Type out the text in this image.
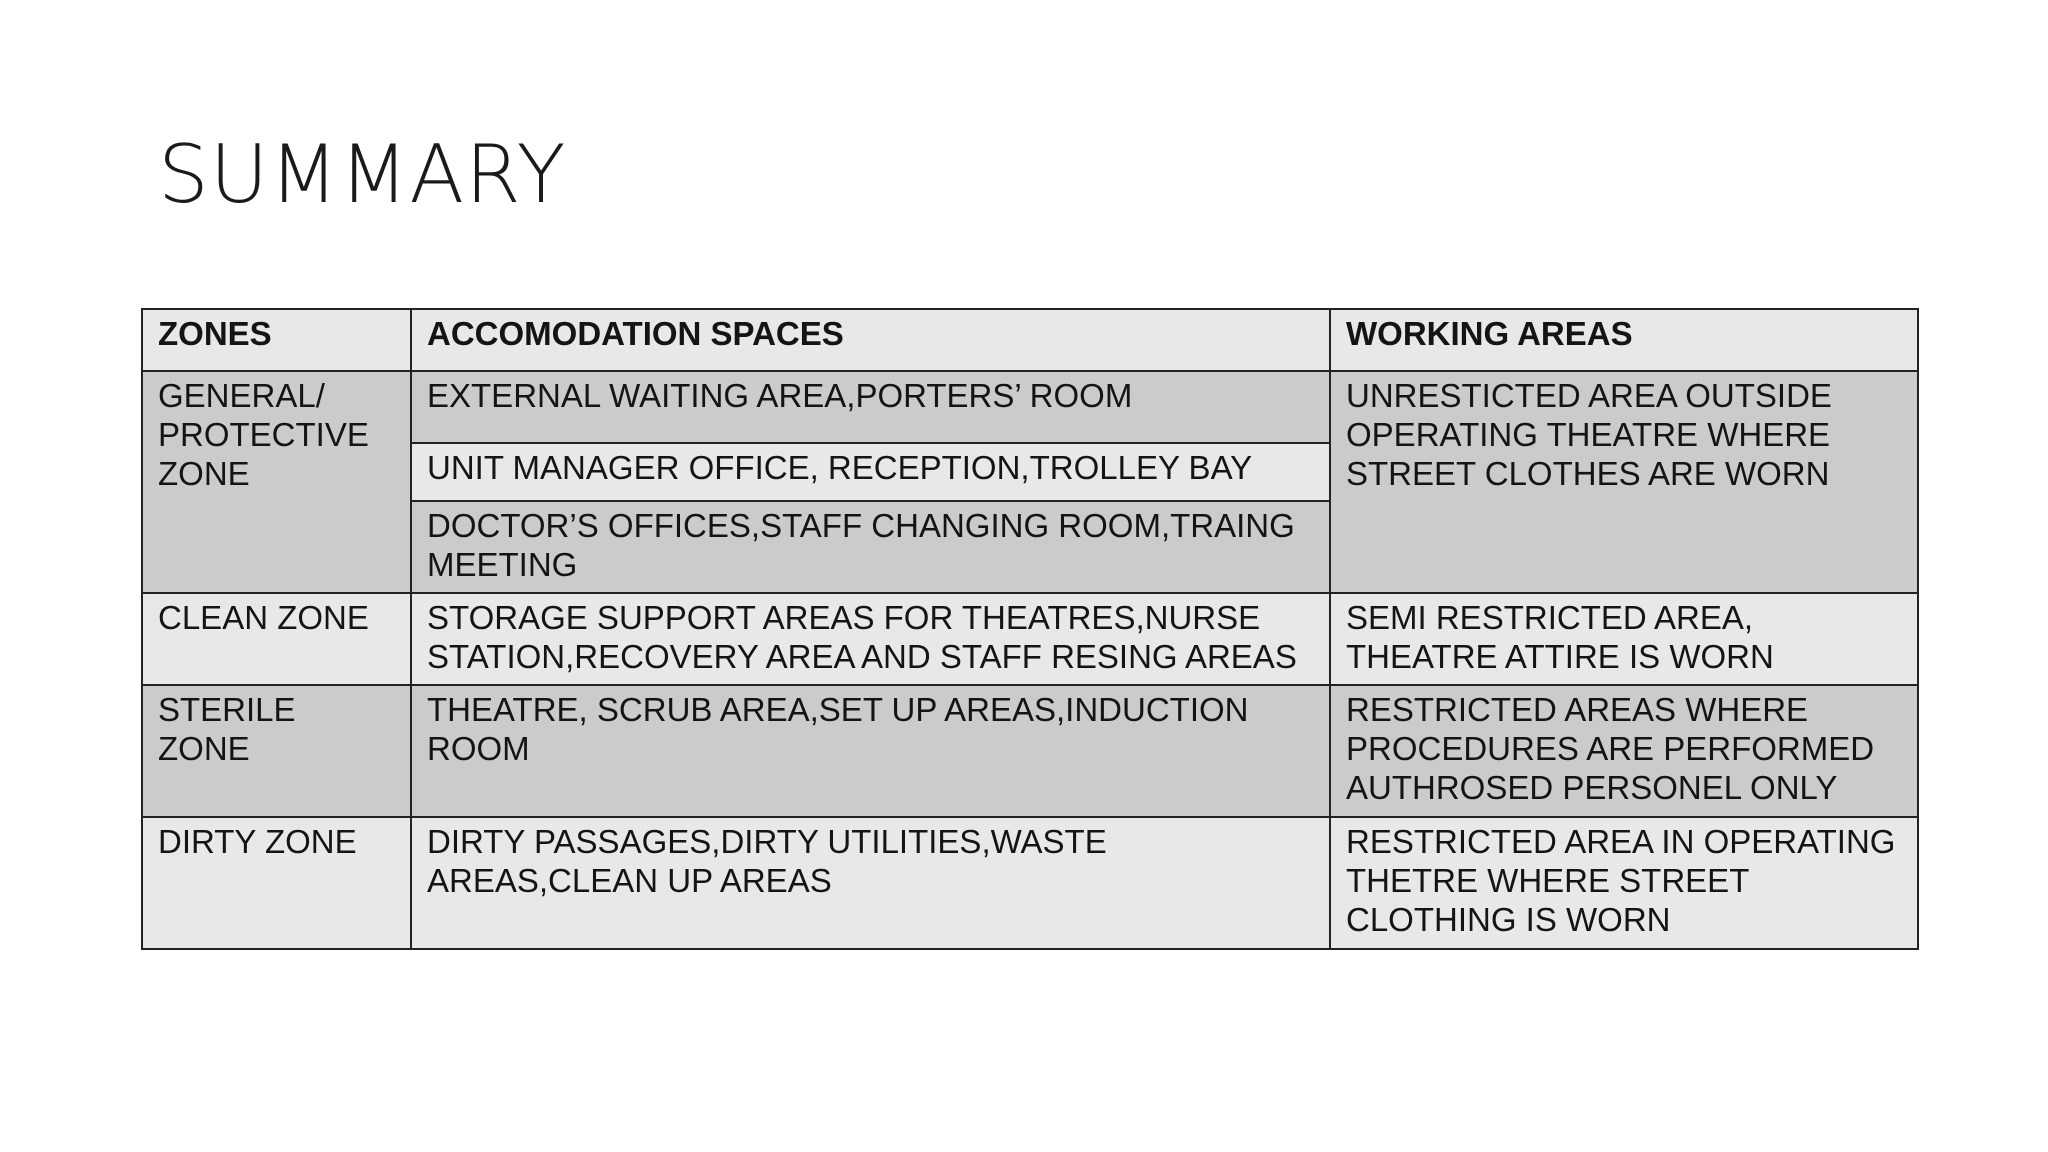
SUMMARY
ZONES	ACCOMODATION SPACES	WORKING AREAS
GENERAL/ PROTECTIVE ZONE	EXTERNAL WAITING AREA,PORTERS’ ROOM	UNRESTICTED AREA OUTSIDE OPERATING THEATRE WHERE STREET CLOTHES ARE WORN
	UNIT MANAGER OFFICE, RECEPTION,TROLLEY BAY	
	DOCTOR’S OFFICES,STAFF CHANGING ROOM,TRAING MEETING	
CLEAN ZONE	STORAGE SUPPORT AREAS FOR THEATRES,NURSE STATION,RECOVERY AREA AND STAFF RESING AREAS	SEMI RESTRICTED AREA, THEATRE ATTIRE IS WORN
STERILE ZONE	THEATRE, SCRUB AREA,SET UP AREAS,INDUCTION ROOM	RESTRICTED AREAS WHERE PROCEDURES ARE PERFORMED AUTHROSED PERSONEL ONLY
DIRTY ZONE	DIRTY PASSAGES,DIRTY UTILITIES,WASTE AREAS,CLEAN UP AREAS	RESTRICTED AREA IN OPERATING THETRE WHERE STREET CLOTHING IS WORN
